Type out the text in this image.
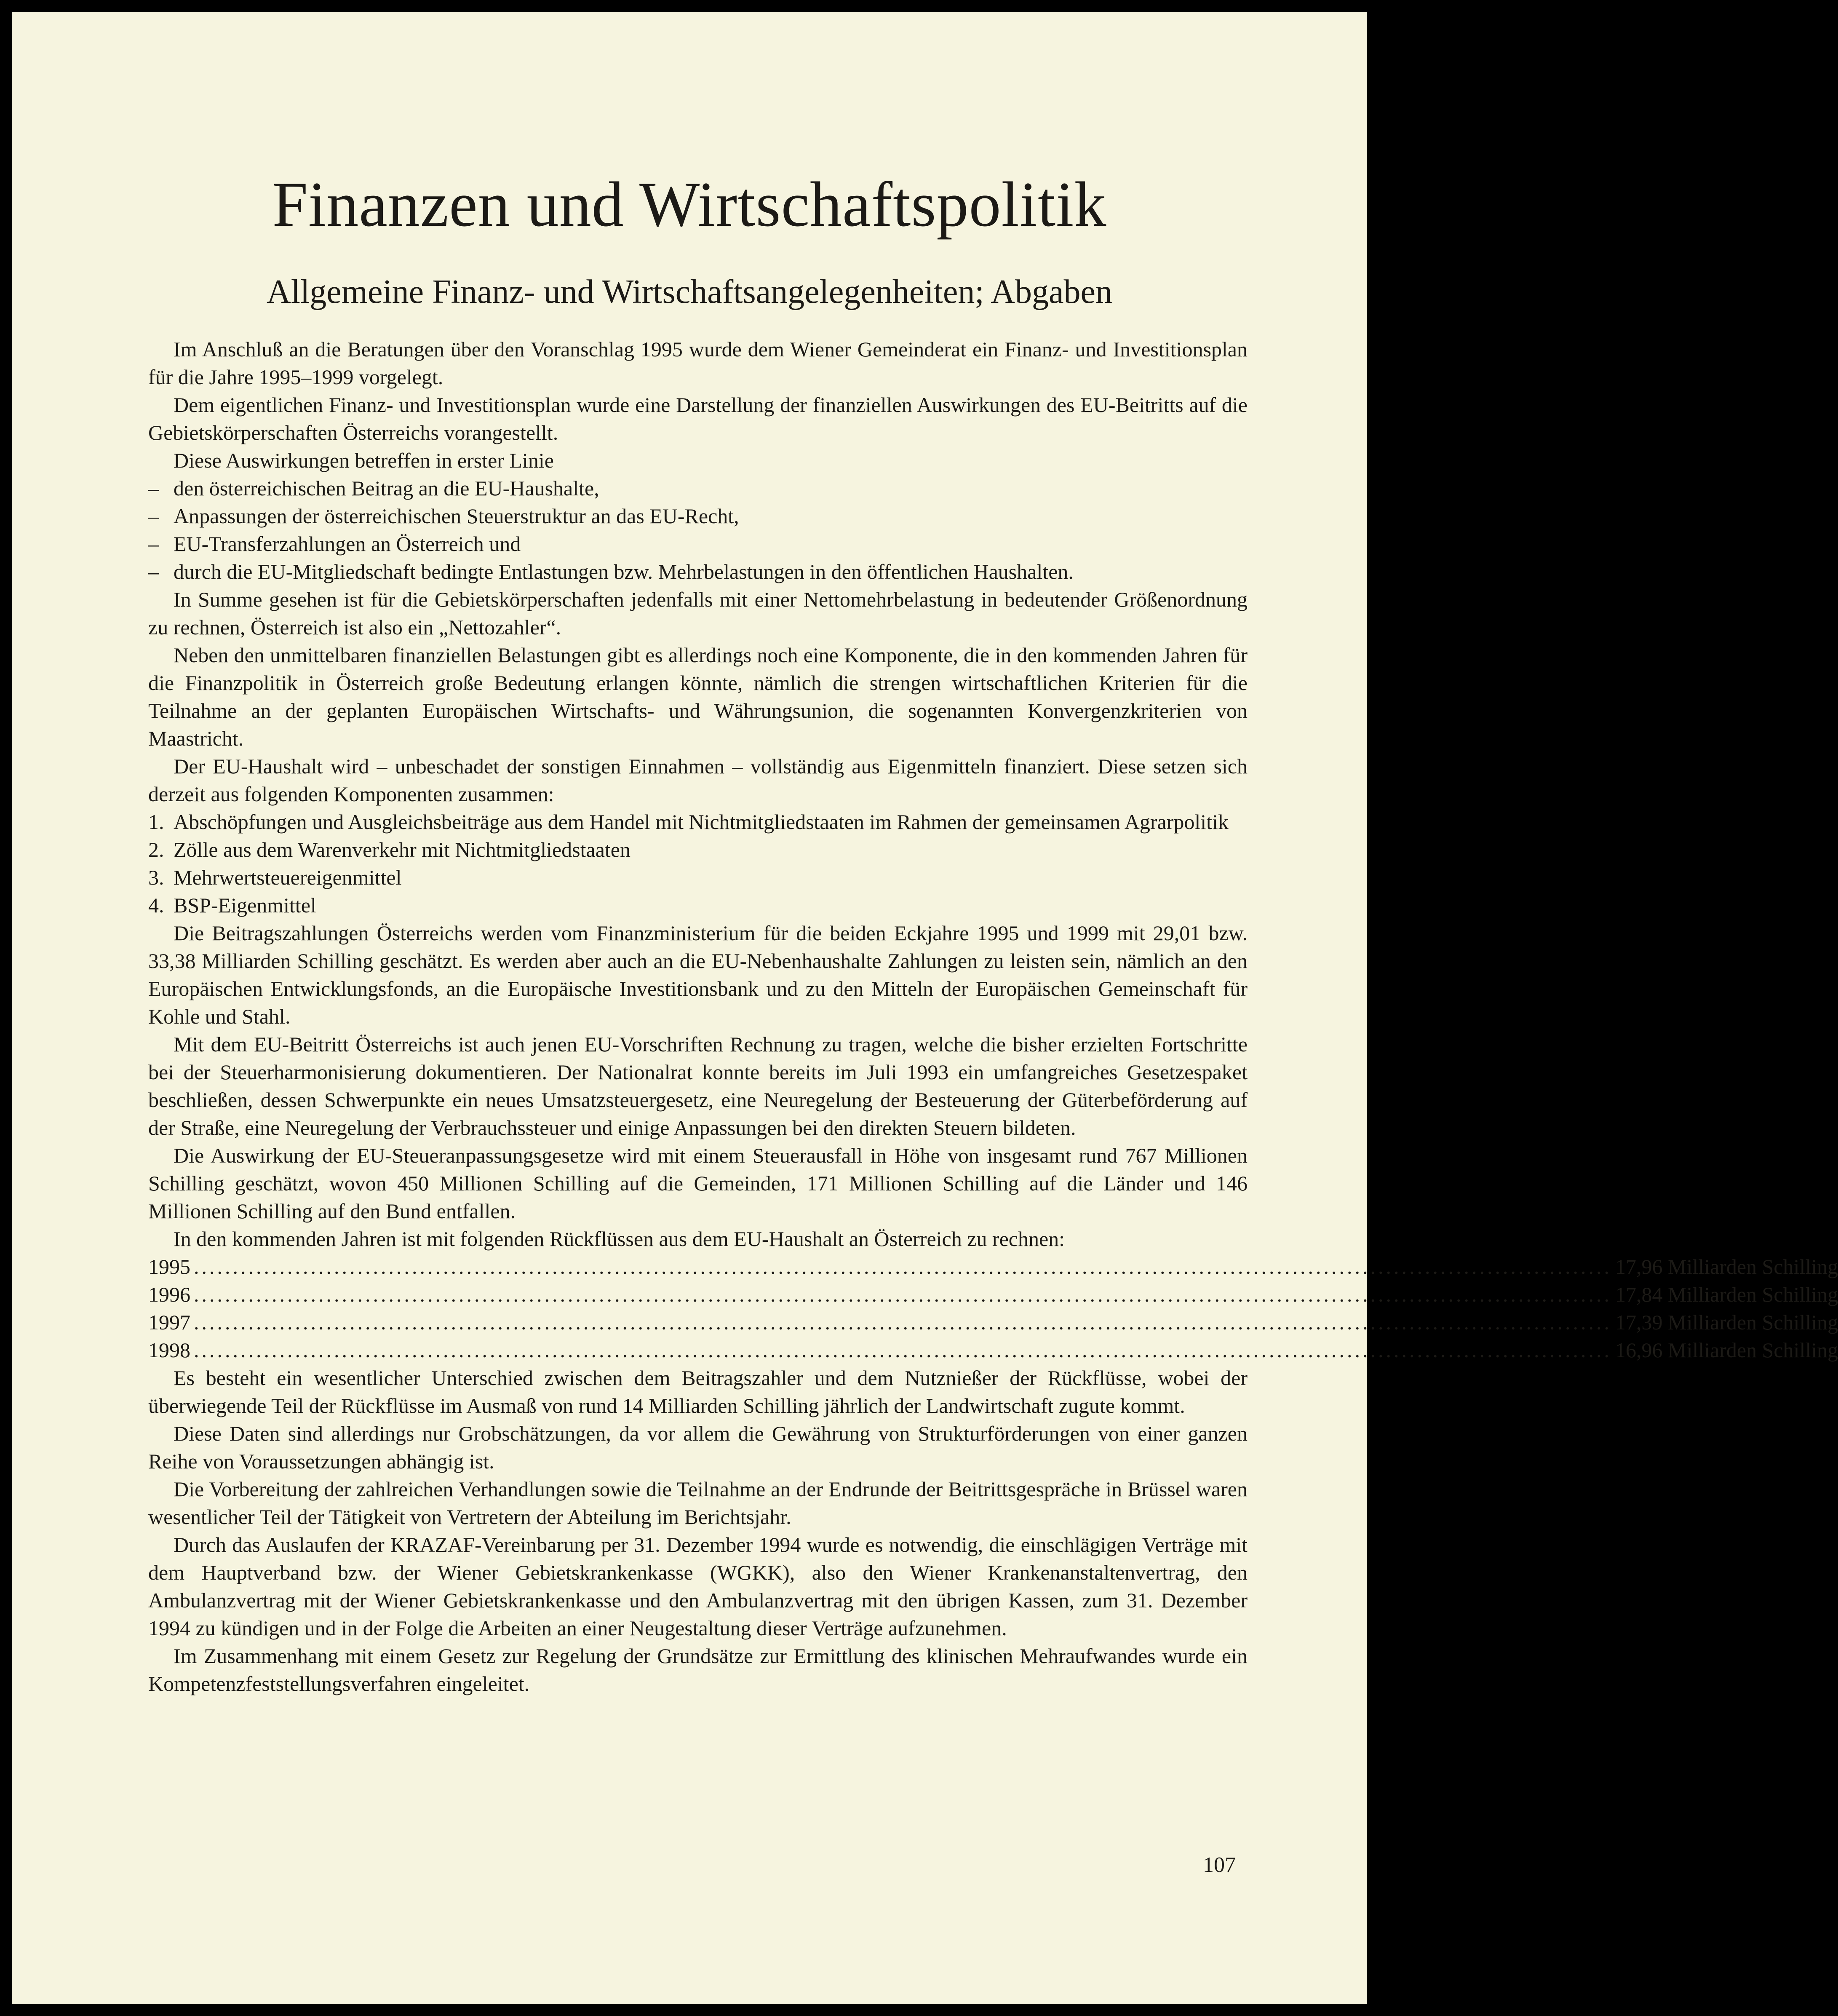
Finanzen und Wirtschaftspolitik
Allgemeine Finanz- und Wirtschaftsangelegenheiten; Abgaben

Im Anschluß an die Beratungen über den Voranschlag 1995 wurde dem Wiener Gemeinderat ein Finanz- und Investitionsplan für die Jahre 1995–1999 vorgelegt.

Dem eigentlichen Finanz- und Investitionsplan wurde eine Darstellung der finanziellen Auswirkungen des EU-Beitritts auf die Gebietskörperschaften Österreichs vorangestellt.

Diese Auswirkungen betreffen in erster Linie

– den österreichischen Beitrag an die EU-Haushalte,
– Anpassungen der österreichischen Steuerstruktur an das EU-Recht,
– EU-Transferzahlungen an Österreich und
– durch die EU-Mitgliedschaft bedingte Entlastungen bzw. Mehrbelastungen in den öffentlichen Haushalten.

In Summe gesehen ist für die Gebietskörperschaften jedenfalls mit einer Nettomehrbelastung in bedeutender Größenordnung zu rechnen, Österreich ist also ein „Nettozahler“.

Neben den unmittelbaren finanziellen Belastungen gibt es allerdings noch eine Komponente, die in den kommenden Jahren für die Finanzpolitik in Österreich große Bedeutung erlangen könnte, nämlich die strengen wirtschaftlichen Kriterien für die Teilnahme an der geplanten Europäischen Wirtschafts- und Währungsunion, die sogenannten Konvergenzkriterien von Maastricht.

Der EU-Haushalt wird – unbeschadet der sonstigen Einnahmen – vollständig aus Eigenmitteln finanziert. Diese setzen sich derzeit aus folgenden Komponenten zusammen:

1. Abschöpfungen und Ausgleichsbeiträge aus dem Handel mit Nichtmitgliedstaaten im Rahmen der gemeinsamen Agrarpolitik
2. Zölle aus dem Warenverkehr mit Nichtmitgliedstaaten
3. Mehrwertsteuereigenmittel
4. BSP-Eigenmittel

Die Beitragszahlungen Österreichs werden vom Finanzministerium für die beiden Eckjahre 1995 und 1999 mit 29,01 bzw. 33,38 Milliarden Schilling geschätzt. Es werden aber auch an die EU-Nebenhaushalte Zahlungen zu leisten sein, nämlich an den Europäischen Entwicklungsfonds, an die Europäische Investitionsbank und zu den Mitteln der Europäischen Gemeinschaft für Kohle und Stahl.

Mit dem EU-Beitritt Österreichs ist auch jenen EU-Vorschriften Rechnung zu tragen, welche die bisher erzielten Fortschritte bei der Steuerharmonisierung dokumentieren. Der Nationalrat konnte bereits im Juli 1993 ein umfangreiches Gesetzespaket beschließen, dessen Schwerpunkte ein neues Umsatzsteuergesetz, eine Neuregelung der Besteuerung der Güterbeförderung auf der Straße, eine Neuregelung der Verbrauchssteuer und einige Anpassungen bei den direkten Steuern bildeten.

Die Auswirkung der EU-Steueranpassungsgesetze wird mit einem Steuerausfall in Höhe von insgesamt rund 767 Millionen Schilling geschätzt, wovon 450 Millionen Schilling auf die Gemeinden, 171 Millionen Schilling auf die Länder und 146 Millionen Schilling auf den Bund entfallen.

In den kommenden Jahren ist mit folgenden Rückflüssen aus dem EU-Haushalt an Österreich zu rechnen:

1995 ...................................................................................................................................................................................... 17,96 Milliarden Schilling
1996 ...................................................................................................................................................................................... 17,84 Milliarden Schilling
1997 ...................................................................................................................................................................................... 17,39 Milliarden Schilling
1998 ...................................................................................................................................................................................... 16,96 Milliarden Schilling

Es besteht ein wesentlicher Unterschied zwischen dem Beitragszahler und dem Nutznießer der Rückflüsse, wobei der überwiegende Teil der Rückflüsse im Ausmaß von rund 14 Milliarden Schilling jährlich der Landwirtschaft zugute kommt.

Diese Daten sind allerdings nur Grobschätzungen, da vor allem die Gewährung von Strukturförderungen von einer ganzen Reihe von Voraussetzungen abhängig ist.

Die Vorbereitung der zahlreichen Verhandlungen sowie die Teilnahme an der Endrunde der Beitrittsgespräche in Brüssel waren wesentlicher Teil der Tätigkeit von Vertretern der Abteilung im Berichtsjahr.

Durch das Auslaufen der KRAZAF-Vereinbarung per 31. Dezember 1994 wurde es notwendig, die einschlägigen Verträge mit dem Hauptverband bzw. der Wiener Gebietskrankenkasse (WGKK), also den Wiener Krankenanstaltenvertrag, den Ambulanzvertrag mit der Wiener Gebietskrankenkasse und den Ambulanzvertrag mit den übrigen Kassen, zum 31. Dezember 1994 zu kündigen und in der Folge die Arbeiten an einer Neugestaltung dieser Verträge aufzunehmen.

Im Zusammenhang mit einem Gesetz zur Regelung der Grundsätze zur Ermittlung des klinischen Mehraufwandes wurde ein Kompetenzfeststellungsverfahren eingeleitet.

107
